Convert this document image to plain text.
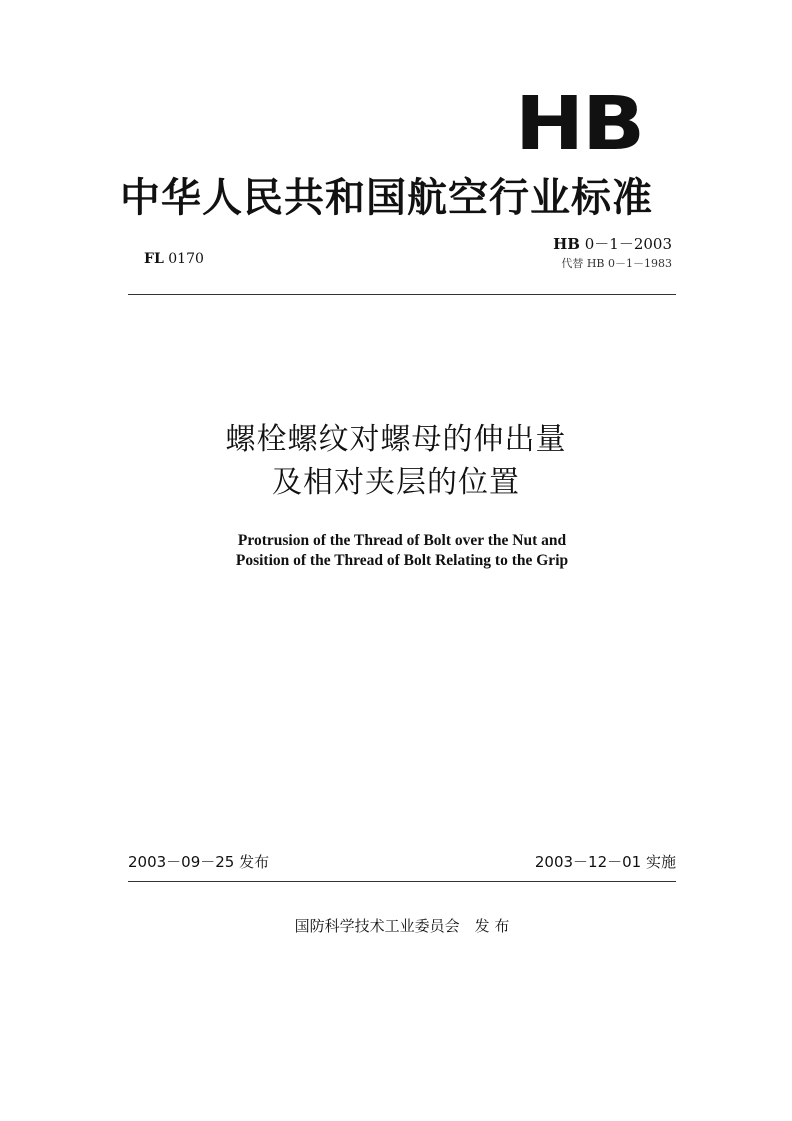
HB
中华人民共和国航空行业标准
FL 0170
HB 0－1－2003
代替 HB 0－1－1983
螺栓螺纹对螺母的伸出量
及相对夹层的位置
Protrusion of the Thread of Bolt over the Nut and
Position of the Thread of Bolt Relating to the Grip
2003－09－25 发布	2003－12－01 实施
国防科学技术工业委员会　发 布
